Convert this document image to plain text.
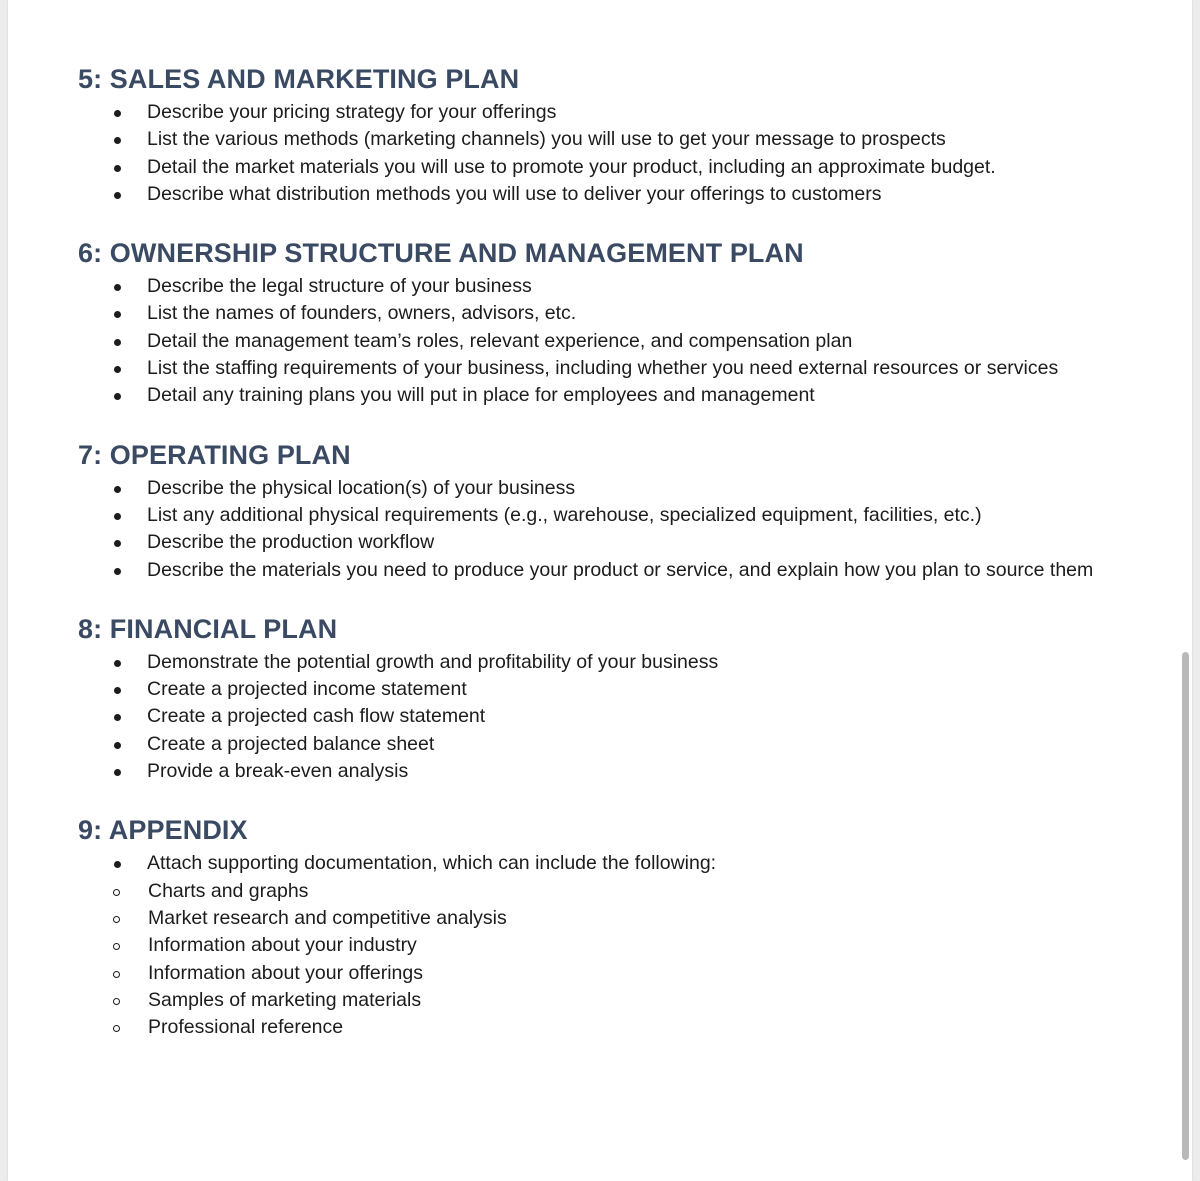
5: SALES AND MARKETING PLAN
Describe your pricing strategy for your offerings
List the various methods (marketing channels) you will use to get your message to prospects
Detail the market materials you will use to promote your product, including an approximate budget.
Describe what distribution methods you will use to deliver your offerings to customers
6: OWNERSHIP STRUCTURE AND MANAGEMENT PLAN
Describe the legal structure of your business
List the names of founders, owners, advisors, etc.
Detail the management team’s roles, relevant experience, and compensation plan
List the staffing requirements of your business, including whether you need external resources or services
Detail any training plans you will put in place for employees and management
7: OPERATING PLAN
Describe the physical location(s) of your business
List any additional physical requirements (e.g., warehouse, specialized equipment, facilities, etc.)
Describe the production workflow
Describe the materials you need to produce your product or service, and explain how you plan to source them
8: FINANCIAL PLAN
Demonstrate the potential growth and profitability of your business
Create a projected income statement
Create a projected cash flow statement
Create a projected balance sheet
Provide a break-even analysis
9: APPENDIX
Attach supporting documentation, which can include the following:
Charts and graphs
Market research and competitive analysis
Information about your industry
Information about your offerings
Samples of marketing materials
Professional reference
